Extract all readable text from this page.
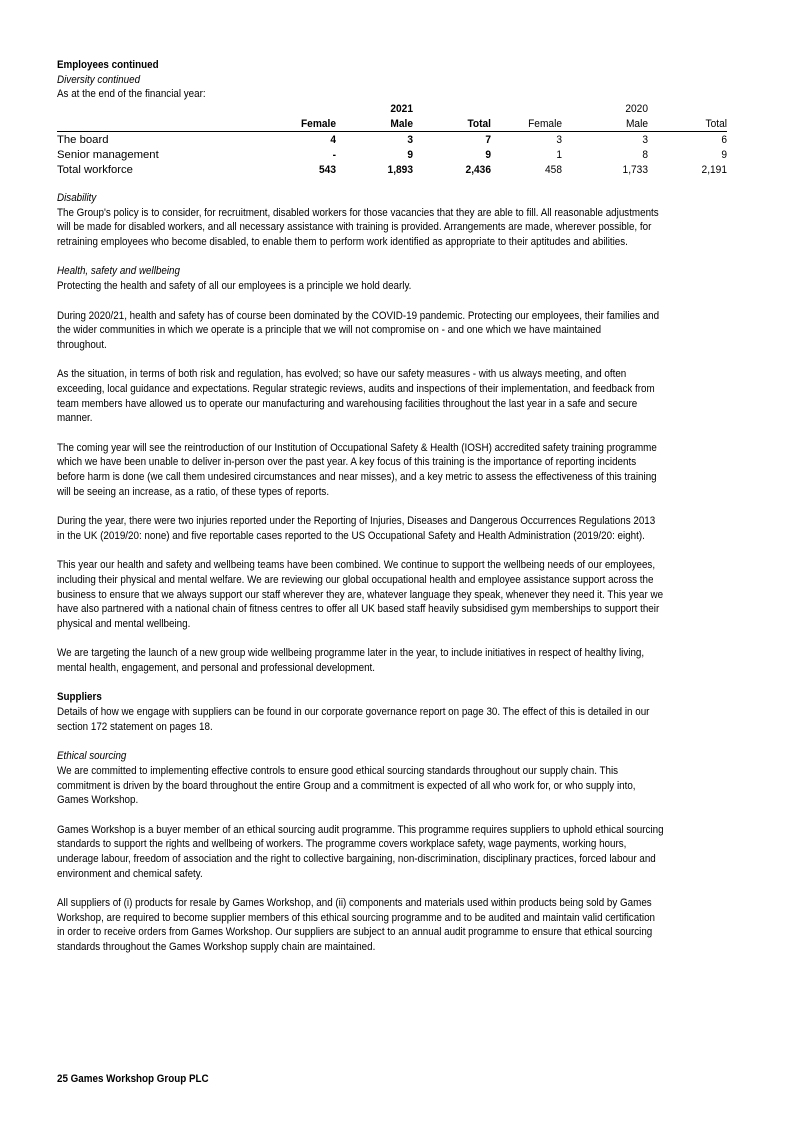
Employees continued
Diversity continued
As at the end of the financial year:
2021	2020
Female	Male	Total	Female	Male	Total
The board	4	3	7	3	3	6
Senior management	-	9	9	1	8	9
Total workforce	543	1,893	2,436	458	1,733	2,191
Disability
The Group's policy is to consider, for recruitment, disabled workers for those vacancies that they are able to fill. All reasonable adjustments
will be made for disabled workers, and all necessary assistance with training is provided. Arrangements are made, wherever possible, for
retraining employees who become disabled, to enable them to perform work identified as appropriate to their aptitudes and abilities.
Health, safety and wellbeing
Protecting the health and safety of all our employees is a principle we hold dearly.
During 2020/21, health and safety has of course been dominated by the COVID-19 pandemic. Protecting our employees, their families and
the wider communities in which we operate is a principle that we will not compromise on - and one which we have maintained
throughout.
As the situation, in terms of both risk and regulation, has evolved; so have our safety measures - with us always meeting, and often
exceeding, local guidance and expectations. Regular strategic reviews, audits and inspections of their implementation, and feedback from
team members have allowed us to operate our manufacturing and warehousing facilities throughout the last year in a safe and secure
manner.
The coming year will see the reintroduction of our Institution of Occupational Safety & Health (IOSH) accredited safety training programme
which we have been unable to deliver in-person over the past year. A key focus of this training is the importance of reporting incidents
before harm is done (we call them undesired circumstances and near misses), and a key metric to assess the effectiveness of this training
will be seeing an increase, as a ratio, of these types of reports.
During the year, there were two injuries reported under the Reporting of Injuries, Diseases and Dangerous Occurrences Regulations 2013
in the UK (2019/20: none) and five reportable cases reported to the US Occupational Safety and Health Administration (2019/20: eight).
This year our health and safety and wellbeing teams have been combined. We continue to support the wellbeing needs of our employees,
including their physical and mental welfare. We are reviewing our global occupational health and employee assistance support across the
business to ensure that we always support our staff wherever they are, whatever language they speak, whenever they need it. This year we
have also partnered with a national chain of fitness centres to offer all UK based staff heavily subsidised gym memberships to support their
physical and mental wellbeing.
We are targeting the launch of a new group wide wellbeing programme later in the year, to include initiatives in respect of healthy living,
mental health, engagement, and personal and professional development.
Suppliers
Details of how we engage with suppliers can be found in our corporate governance report on page 30. The effect of this is detailed in our
section 172 statement on pages 18.
Ethical sourcing
We are committed to implementing effective controls to ensure good ethical sourcing standards throughout our supply chain. This
commitment is driven by the board throughout the entire Group and a commitment is expected of all who work for, or who supply into,
Games Workshop.
Games Workshop is a buyer member of an ethical sourcing audit programme. This programme requires suppliers to uphold ethical sourcing
standards to support the rights and wellbeing of workers. The programme covers workplace safety, wage payments, working hours,
underage labour, freedom of association and the right to collective bargaining, non-discrimination, disciplinary practices, forced labour and
environment and chemical safety.
All suppliers of (i) products for resale by Games Workshop, and (ii) components and materials used within products being sold by Games
Workshop, are required to become supplier members of this ethical sourcing programme and to be audited and maintain valid certification
in order to receive orders from Games Workshop. Our suppliers are subject to an annual audit programme to ensure that ethical sourcing
standards throughout the Games Workshop supply chain are maintained.
25 Games Workshop Group PLC
